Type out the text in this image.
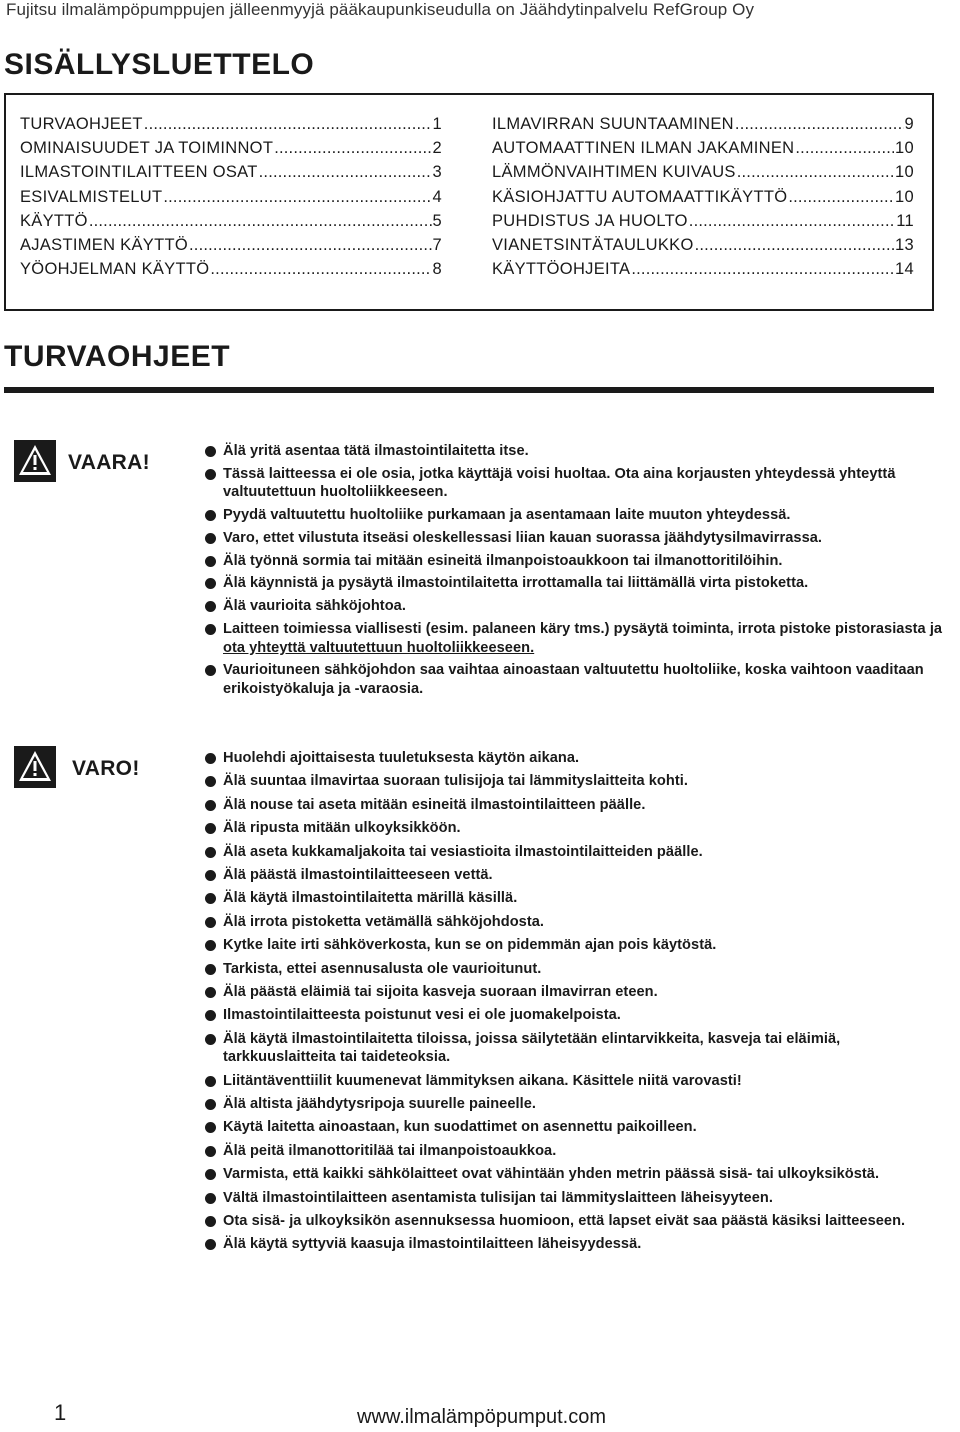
Fujitsu ilmalämpöpumppujen jälleenmyyjä pääkaupunkiseudulla on Jäähdytinpalvelu RefGroup Oy
SISÄLLYSLUETTELO
TURVAOHJEET .....	1
OMINAISUUDET JA TOIMINNOT .....	2
ILMASTOINTILAITTEEN OSAT .....	3
ESIVALMISTELUT .....	4
KÄYTTÖ .....	5
AJASTIMEN KÄYTTÖ .....	7
YÖOHJELMAN KÄYTTÖ .....	8
ILMAVIRRAN SUUNTAAMINEN .....	9
AUTOMAATTINEN ILMAN JAKAMINEN .....	10
LÄMMÖNVAIHTIMEN KUIVAUS .....	10
KÄSIOHJATTU AUTOMAATTIKÄYTTÖ .....	10
PUHDISTUS JA HUOLTO .....	11
VIANETSINTÄTAULUKKO .....	13
KÄYTTÖOHJEITA .....	14
TURVAOHJEET
VAARA!	Älä yritä asentaa tätä ilmastointilaitetta itse.
Tässä laitteessa ei ole osia, jotka käyttäjä voisi huoltaa. Ota aina korjausten yhteydessä yhteyttä valtuutettuun huoltoliikkeeseen.
Pyydä valtuutettu huoltoliike purkamaan ja asentamaan laite muuton yhteydessä.
Varo, ettet vilustuta itseäsi oleskellessasi liian kauan suorassa jäähdytysilmavirrassa.
Älä työnnä sormia tai mitään esineitä ilmanpoistoaukkoon tai ilmanottoritilöihin.
Älä käynnistä ja pysäytä ilmastointilaitetta irrottamalla tai liittämällä virta pistoketta.
Älä vaurioita sähköjohtoa.
Laitteen toimiessa viallisesti (esim. palaneen käry tms.) pysäytä toiminta, irrota pistoke pistorasiasta ja ota yhteyttä valtuutettuun huoltoliikkeeseen.
Vaurioituneen sähköjohdon saa vaihtaa ainoastaan valtuutettu huoltoliike, koska vaihtoon vaaditaan erikoistyökaluja ja -varaosia.
VARO!	Huolehdi ajoittaisesta tuuletuksesta käytön aikana.
Älä suuntaa ilmavirtaa suoraan tulisijoja tai lämmityslaitteita kohti.
Älä nouse tai aseta mitään esineitä ilmastointilaitteen päälle.
Älä ripusta mitään ulkoyksikköön.
Älä aseta kukkamaljakoita tai vesiastioita ilmastointilaitteiden päälle.
Älä päästä ilmastointilaitteeseen vettä.
Älä käytä ilmastointilaitetta märillä käsillä.
Älä irrota pistoketta vetämällä sähköjohdosta.
Kytke laite irti sähköverkosta, kun se on pidemmän ajan pois käytöstä.
Tarkista, ettei asennusalusta ole vaurioitunut.
Älä päästä eläimiä tai sijoita kasveja suoraan ilmavirran eteen.
Ilmastointilaitteesta poistunut vesi ei ole juomakelpoista.
Älä käytä ilmastointilaitetta tiloissa, joissa säilytetään elintarvikkeita, kasveja tai eläimiä, tarkkuuslaitteita tai taideteoksia.
Liitäntäventtiilit kuumenevat lämmityksen aikana. Käsittele niitä varovasti!
Älä altista jäähdytysripoja suurelle paineelle.
Käytä laitetta ainoastaan, kun suodattimet on asennettu paikoilleen.
Älä peitä ilmanottoritilää tai ilmanpoistoaukkoa.
Varmista, että kaikki sähkölaitteet ovat vähintään yhden metrin päässä sisä- tai ulkoyksiköstä.
Vältä ilmastointilaitteen asentamista tulisijan tai lämmityslaitteen läheisyyteen.
Ota sisä- ja ulkoyksikön asennuksessa huomioon, että lapset eivät saa päästä käsiksi laitteeseen.
Älä käytä syttyviä kaasuja ilmastointilaitteen läheisyydessä.
1	www.ilmalämpöpumput.com
